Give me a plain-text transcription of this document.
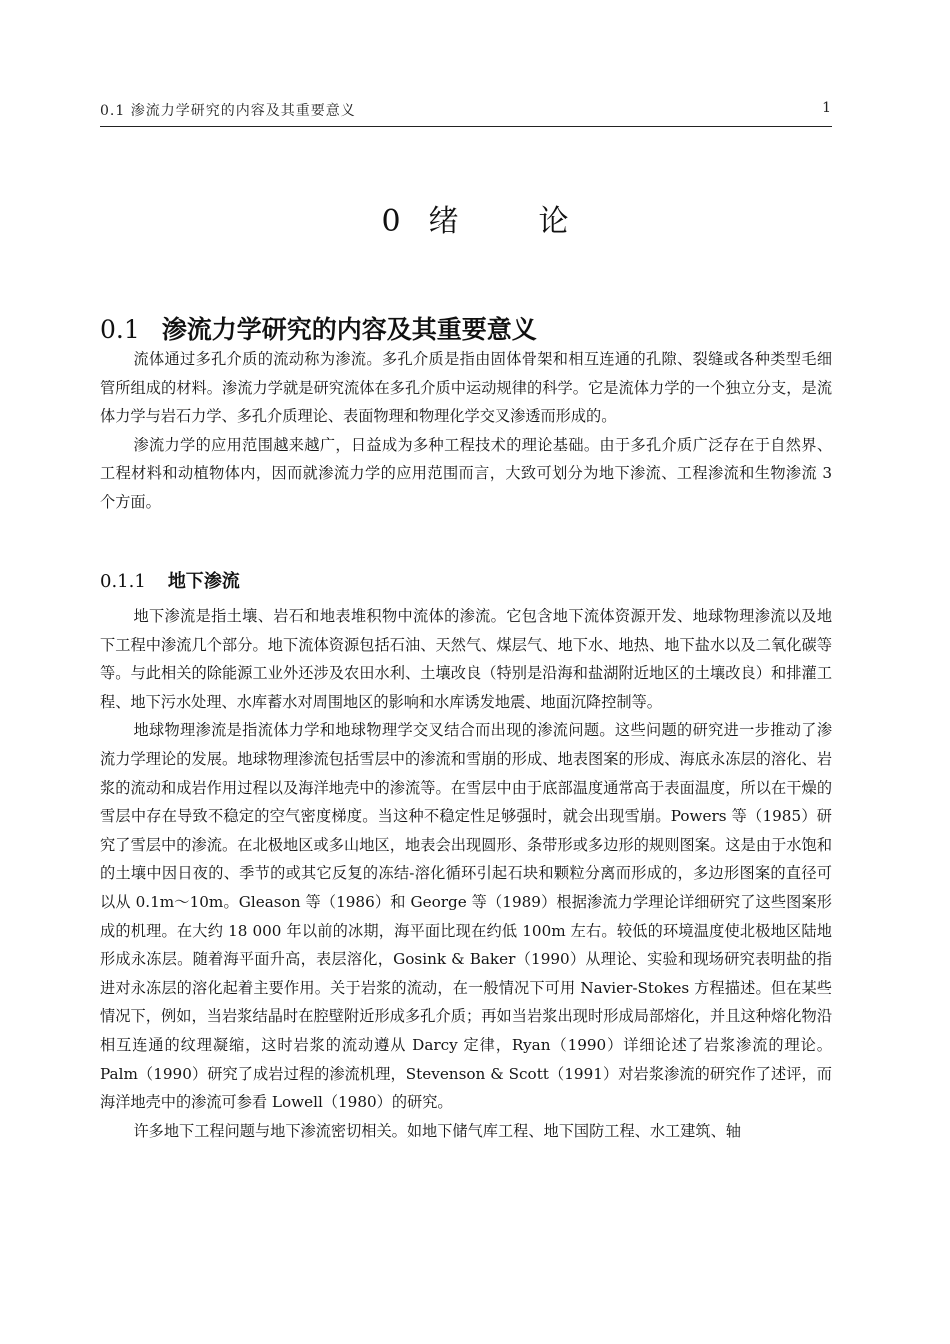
0.1 渗流力学研究的内容及其重要意义	1
0 绪论
0.1 渗流力学研究的内容及其重要意义

流体通过多孔介质的流动称为渗流。多孔介质是指由固体骨架和相互连通的孔隙、裂缝或各种类型毛细管所组成的材料。渗流力学就是研究流体在多孔介质中运动规律的科学。它是流体力学的一个独立分支，是流体力学与岩石力学、多孔介质理论、表面物理和物理化学交叉渗透而形成的。

渗流力学的应用范围越来越广，日益成为多种工程技术的理论基础。由于多孔介质广泛存在于自然界、工程材料和动植物体内，因而就渗流力学的应用范围而言，大致可划分为地下渗流、工程渗流和生物渗流 3 个方面。

0.1.1 地下渗流

地下渗流是指土壤、岩石和地表堆积物中流体的渗流。它包含地下流体资源开发、地球物理渗流以及地下工程中渗流几个部分。地下流体资源包括石油、天然气、煤层气、地下水、地热、地下盐水以及二氧化碳等等。与此相关的除能源工业外还涉及农田水利、土壤改良（特别是沿海和盐湖附近地区的土壤改良）和排灌工程、地下污水处理、水库蓄水对周围地区的影响和水库诱发地震、地面沉降控制等。

地球物理渗流是指流体力学和地球物理学交叉结合而出现的渗流问题。这些问题的研究进一步推动了渗流力学理论的发展。地球物理渗流包括雪层中的渗流和雪崩的形成、地表图案的形成、海底永冻层的溶化、岩浆的流动和成岩作用过程以及海洋地壳中的渗流等。在雪层中由于底部温度通常高于表面温度，所以在干燥的雪层中存在导致不稳定的空气密度梯度。当这种不稳定性足够强时，就会出现雪崩。Powers 等（1985）研究了雪层中的渗流。在北极地区或多山地区，地表会出现圆形、条带形或多边形的规则图案。这是由于水饱和的土壤中因日夜的、季节的或其它反复的冻结-溶化循环引起石块和颗粒分离而形成的，多边形图案的直径可以从 0.1m～10m。Gleason 等（1986）和 George 等（1989）根据渗流力学理论详细研究了这些图案形成的机理。在大约 18 000 年以前的冰期，海平面比现在约低 100m 左右。较低的环境温度使北极地区陆地形成永冻层。随着海平面升高，表层溶化，Gosink & Baker（1990）从理论、实验和现场研究表明盐的指进对永冻层的溶化起着主要作用。关于岩浆的流动，在一般情况下可用 Navier-Stokes 方程描述。但在某些情况下，例如，当岩浆结晶时在腔壁附近形成多孔介质；再如当岩浆出现时形成局部熔化，并且这种熔化物沿相互连通的纹理凝缩，这时岩浆的流动遵从 Darcy 定律，Ryan（1990）详细论述了岩浆渗流的理论。Palm（1990）研究了成岩过程的渗流机理，Stevenson & Scott（1991）对岩浆渗流的研究作了述评，而海洋地壳中的渗流可参看 Lowell（1980）的研究。

许多地下工程问题与地下渗流密切相关。如地下储气库工程、地下国防工程、水工建筑、轴
